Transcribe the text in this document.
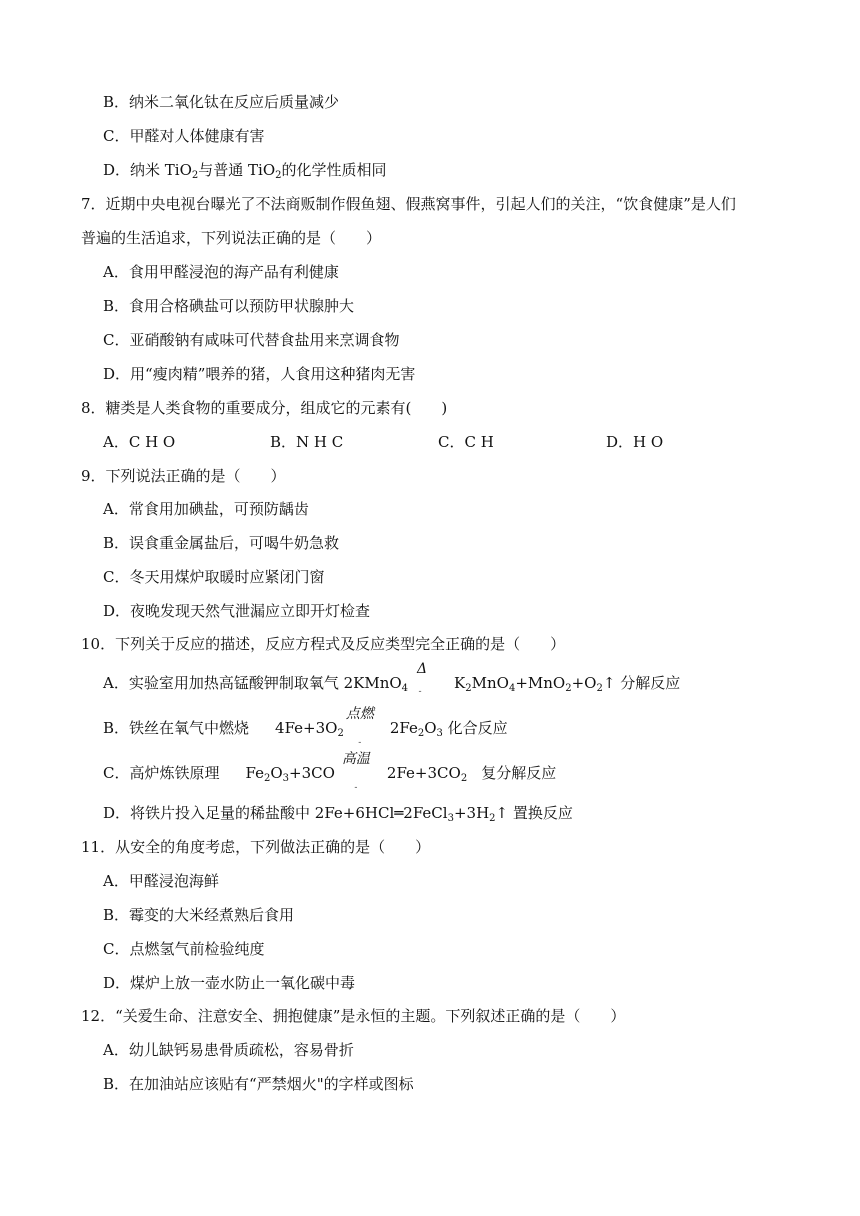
B．纳米二氧化钛在反应后质量减少
C．甲醛对人体健康有害
D．纳米 TiO$_2$与普通 TiO$_2$的化学性质相同
7．近期中央电视台曝光了不法商贩制作假鱼翅、假燕窝事件，引起人们的关注，“饮食健康”是人们
普遍的生活追求，下列说法正确的是（　　）
A．食用甲醛浸泡的海产品有利健康
B．食用合格碘盐可以预防甲状腺肿大
C．亚硝酸钠有咸味可代替食盐用来烹调食物
D．用“瘦肉精”喂养的猪，人食用这种猪肉无害
8．糖类是人类食物的重要成分，组成它的元素有(　　)
A．C H O	B．N H C	C．C H	D．H O
9．下列说法正确的是（　　）
A．常食用加碘盐，可预防龋齿
B．误食重金属盐后，可喝牛奶急救
C．冬天用煤炉取暖时应紧闭门窗
D．夜晚发现天然气泄漏应立即开灯检查
10．下列关于反应的描述，反应方程式及反应类型完全正确的是（　　）
A．实验室用加热高锰酸钾制取氧气 2KMnO$_4$
Δ
-	$K_2MnO_4+MnO_2+O_2↑$ 分解反应
B．铁丝在氧气中燃烧 $4Fe+3O_2$
点燃
-
$2Fe_2O_3$ 化合反应
C．高炉炼铁原理 $Fe_2O_3+3CO$
高温
-
$2Fe+3CO_2$ 复分解反应
D．将铁片投入足量的稀盐酸中 $2Fe+6HCl═2FeCl_3+3H_2↑$ 置换反应
11．从安全的角度考虑，下列做法正确的是（　　）
A．甲醛浸泡海鲜
B．霉变的大米经煮熟后食用
C．点燃氢气前检验纯度
D．煤炉上放一壶水防止一氧化碳中毒
12．“关爱生命、注意安全、拥抱健康”是永恒的主题。下列叙述正确的是（　　）
A．幼儿缺钙易患骨质疏松，容易骨折
B．在加油站应该贴有“严禁烟火"的字样或图标
